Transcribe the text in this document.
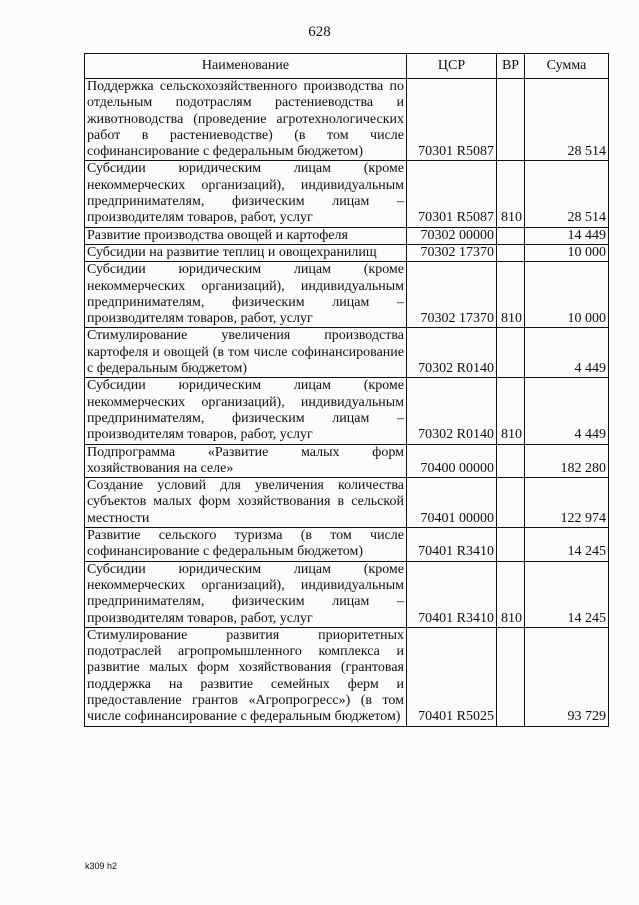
628
Наименование	ЦСР	ВР	Сумма
Поддержка сельскохозяйственного производства по отдельным подотраслям растениеводства и животноводства (проведение агротехнологических работ в растениеводстве) (в том числе софинансирование с федеральным бюджетом)	70301 R5087		28 514
Субсидии юридическим лицам (кроме некоммерческих организаций), индивидуальным предпринимателям, физическим лицам – производителям товаров, работ, услуг	70301 R5087	810	28 514
Развитие производства овощей и картофеля	70302 00000		14 449
Субсидии на развитие теплиц и овощехранилищ	70302 17370		10 000
Субсидии юридическим лицам (кроме некоммерческих организаций), индивидуальным предпринимателям, физическим лицам – производителям товаров, работ, услуг	70302 17370	810	10 000
Стимулирование увеличения производства картофеля и овощей (в том числе софинансирование с федеральным бюджетом)	70302 R0140		4 449
Субсидии юридическим лицам (кроме некоммерческих организаций), индивидуальным предпринимателям, физическим лицам – производителям товаров, работ, услуг	70302 R0140	810	4 449
Подпрограмма «Развитие малых форм хозяйствования на селе»	70400 00000		182 280
Создание условий для увеличения количества субъектов малых форм хозяйствования в сельской местности	70401 00000		122 974
Развитие сельского туризма (в том числе софинансирование с федеральным бюджетом)	70401 R3410		14 245
Субсидии юридическим лицам (кроме некоммерческих организаций), индивидуальным предпринимателям, физическим лицам – производителям товаров, работ, услуг	70401 R3410	810	14 245
Стимулирование развития приоритетных подотраслей агропромышленного комплекса и развитие малых форм хозяйствования (грантовая поддержка на развитие семейных ферм и предоставление грантов «Агропрогресс») (в том числе софинансирование с федеральным бюджетом)	70401 R5025		93 729
k309 h2
